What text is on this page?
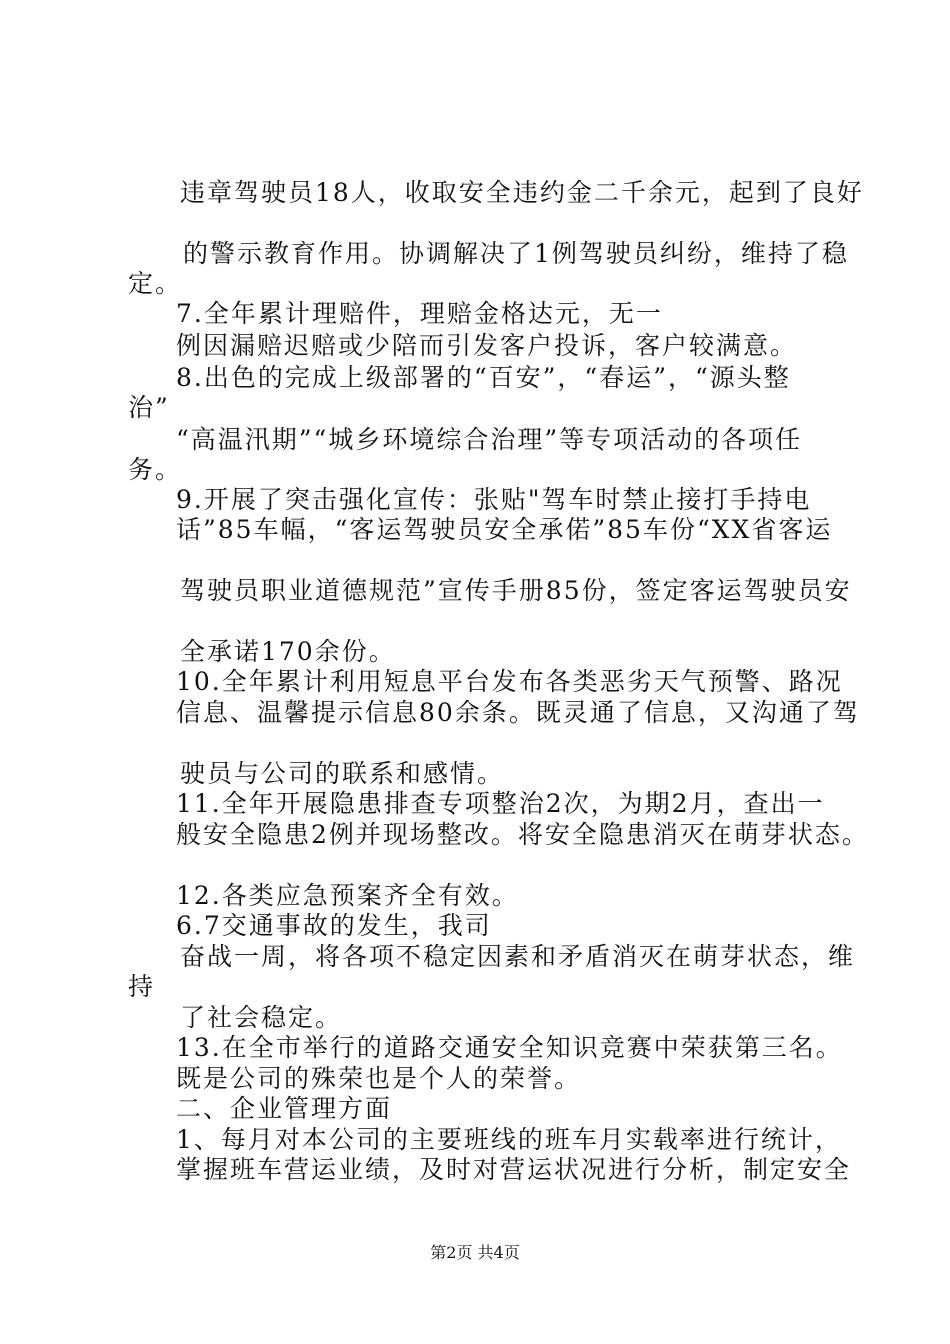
违章驾驶员18人，收取安全违约金二千余元，起到了良好
的警示教育作用。协调解决了1例驾驶员纠纷，维持了稳
定。
7.全年累计理赔件，理赔金格达元，无一
例因漏赔迟赔或少陪而引发客户投诉，客户较满意。
8.出色的完成上级部署的“百安”，“春运”，“源头整
治”
“高温汛期”“城乡环境综合治理”等专项活动的各项任
务。
9.开展了突击强化宣传：张贴"驾车时禁止接打手持电
话”85车幅，“客运驾驶员安全承偌”85车份“XX省客运
驾驶员职业道德规范”宣传手册85份，签定客运驾驶员安
全承诺170余份。
10.全年累计利用短息平台发布各类恶劣天气预警、路况
信息、温馨提示信息80余条。既灵通了信息，又沟通了驾
驶员与公司的联系和感情。
11.全年开展隐患排查专项整治2次，为期2月，查出一
般安全隐患2例并现场整改。将安全隐患消灭在萌芽状态。
12.各类应急预案齐全有效。
6.7交通事故的发生，我司
奋战一周，将各项不稳定因素和矛盾消灭在萌芽状态，维
持
了社会稳定。
13.在全市举行的道路交通安全知识竞赛中荣获第三名。
既是公司的殊荣也是个人的荣誉。
二、企业管理方面
1、每月对本公司的主要班线的班车月实载率进行统计，
掌握班车营运业绩，及时对营运状况进行分析，制定安全
第2页 共4页
